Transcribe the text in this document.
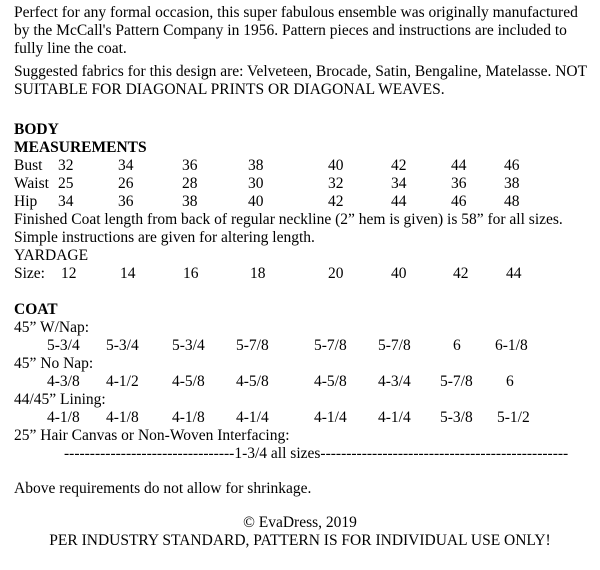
Perfect for any formal occasion, this super fabulous ensemble was originally manufactured
by the McCall's Pattern Company in 1956. Pattern pieces and instructions are included to
fully line the coat.
Suggested fabrics for this design are: Velveteen, Brocade, Satin, Bengaline, Matelasse. NOT
SUITABLE FOR DIAGONAL PRINTS OR DIAGONAL WEAVES.
BODY
MEASUREMENTS
Bust 32	34	36	38	40	42	44 46
Waist 25	26	28	30	32	34	36 38
Hip 34	36	38	40	42	44	46 48
Finished Coat length from back of regular neckline (2” hem is given) is 58” for all sizes.
Simple instructions are given for altering length.
YARDAGE
Size: 12	14	16	18	20	40	42 44
COAT
45” W/Nap:
5-3/4 5-3/4 5-3/4 5-7/8	5-7/8 5-7/8	6 6-1/8
45” No Nap:
4-3/8 4-1/2 4-5/8 4-5/8	4-5/8 4-3/4 5-7/8 6
44/45” Lining:
4-1/8 4-1/8 4-1/8 4-1/4	4-1/4 4-1/4 5-3/8 5-1/2
25” Hair Canvas or Non-Woven Interfacing:
---------------------------------1-3/4 all sizes------------------------------------------------
Above requirements do not allow for shrinkage.
© EvaDress, 2019
PER INDUSTRY STANDARD, PATTERN IS FOR INDIVIDUAL USE ONLY!
